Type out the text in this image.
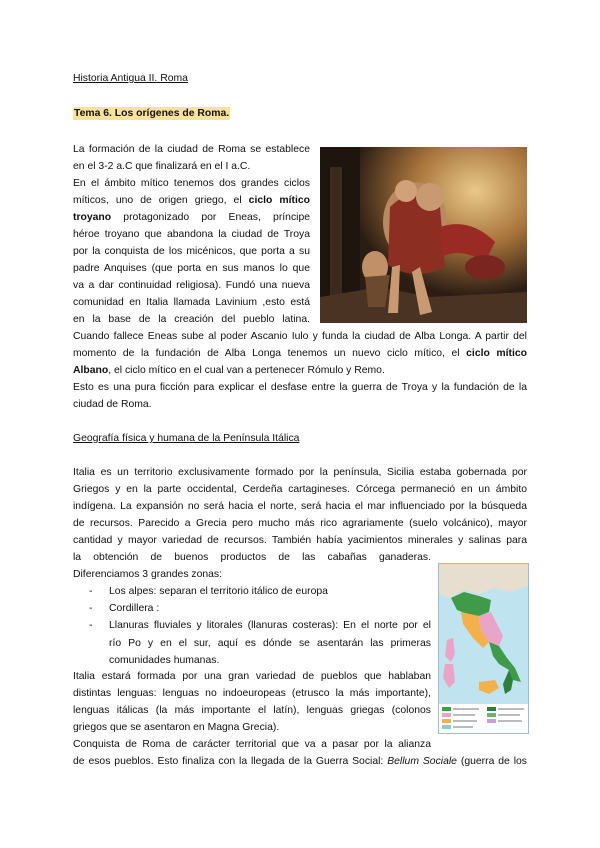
Historia Antigua II. Roma
Tema 6. Los orígenes de Roma.
La formación de la ciudad de Roma se establece
en el 3-2 a.C que finalizará en el I a.C.
En el ámbito mítico tenemos dos grandes ciclos
míticos, uno de origen griego, el ciclo mítico
troyano protagonizado por Eneas, príncipe
héroe troyano que abandona la ciudad de Troya
por la conquista de los micénicos, que porta a su
padre Anquises (que porta en sus manos lo que
va a dar continuidad religiosa). Fundó una nueva
comunidad en Italia llamada Lavinium ,esto está
en la base de la creación del pueblo latina.
Cuando fallece Eneas sube al poder Ascanio Iulo y funda la ciudad de Alba Longa. A partir del
momento de la fundación de Alba Longa tenemos un nuevo ciclo mítico, el ciclo mítico
Albano, el ciclo mítico en el cual van a pertenecer Rómulo y Remo.
Esto es una pura ficción para explicar el desfase entre la guerra de Troya y la fundación de la
ciudad de Roma.
Geografía física y humana de la Península Itálica
Italia es un territorio exclusivamente formado por la península, Sicilia estaba gobernada por
Griegos y en la parte occidental, Cerdeña cartagineses. Córcega permaneció en un ámbito
indígena. La expansión no será hacia el norte, será hacia el mar influenciado por la búsqueda
de recursos. Parecido a Grecia pero mucho más rico agrariamente (suelo volcánico), mayor
cantidad y mayor variedad de recursos. También había yacimientos minerales y salinas para
la obtención de buenos productos de las cabañas ganaderas.
Diferenciamos 3 grandes zonas:
- Los alpes: separan el territorio itálico de europa
- Cordillera :
- Llanuras fluviales y litorales (llanuras costeras): En el norte por el
río Po y en el sur, aquí es dónde se asentarán las primeras
comunidades humanas.
Italia estará formada por una gran variedad de pueblos que hablaban
distintas lenguas: lenguas no indoeuropeas (etrusco la más importante),
lenguas itálicas (la más importante el latín), lenguas griegas (colonos
griegos que se asentaron en Magna Grecia).
Conquista de Roma de carácter territorial que va a pasar por la alianza
de esos pueblos. Esto finaliza con la llegada de la Guerra Social: Bellum Sociale (guerra de los
